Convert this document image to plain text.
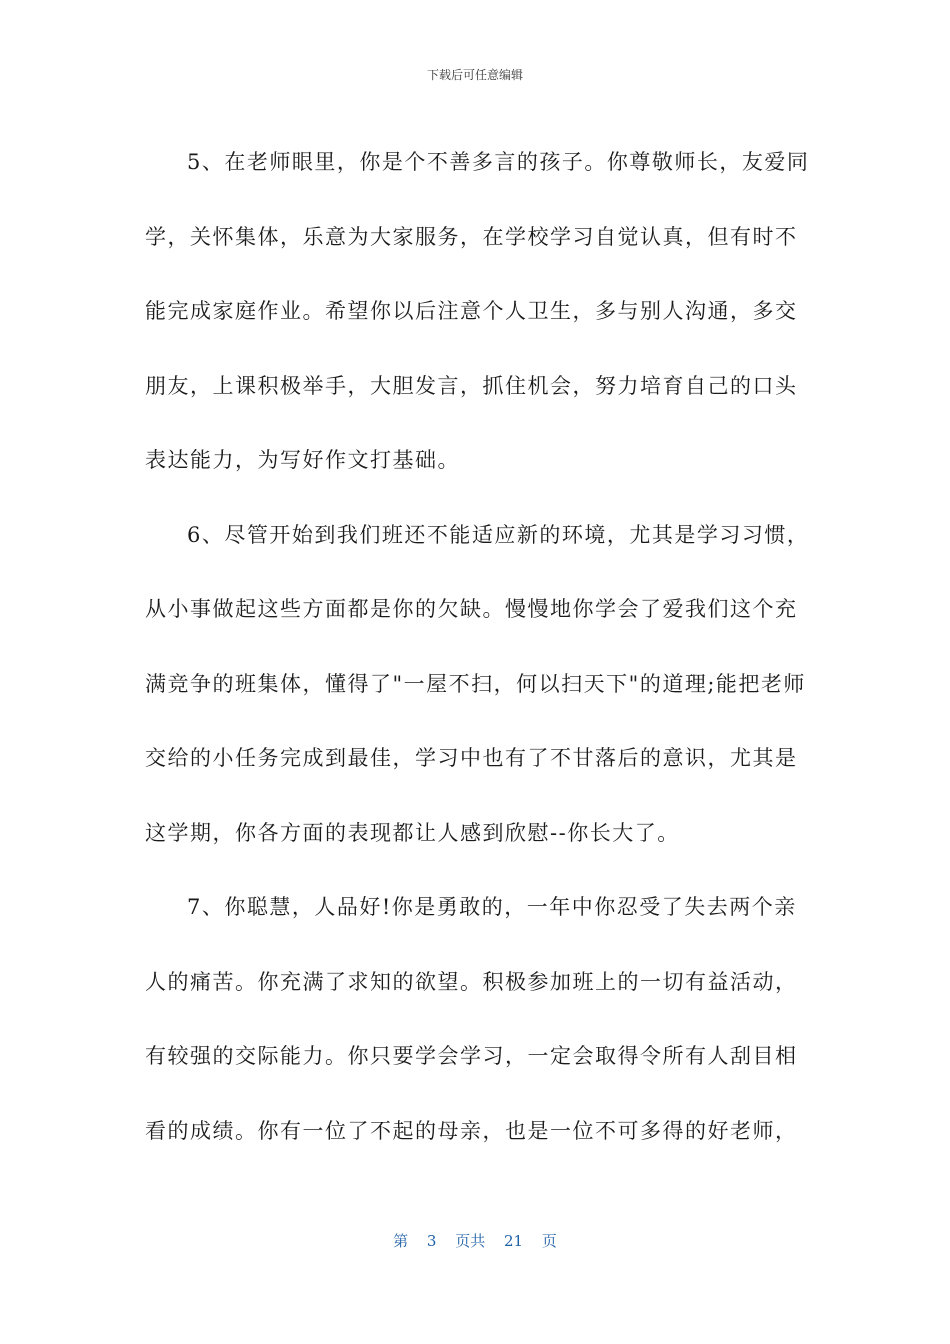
下载后可任意编辑

5、在老师眼里，你是个不善多言的孩子。你尊敬师长，友爱同学，关怀集体，乐意为大家服务，在学校学习自觉认真，但有时不能完成家庭作业。希望你以后注意个人卫生，多与别人沟通，多交朋友，上课积极举手，大胆发言，抓住机会，努力培育自己的口头表达能力，为写好作文打基础。

6、尽管开始到我们班还不能适应新的环境，尤其是学习习惯，从小事做起这些方面都是你的欠缺。慢慢地你学会了爱我们这个充满竞争的班集体，懂得了"一屋不扫，何以扫天下"的道理;能把老师交给的小任务完成到最佳，学习中也有了不甘落后的意识，尤其是这学期，你各方面的表现都让人感到欣慰--你长大了。

7、你聪慧，人品好!你是勇敢的，一年中你忍受了失去两个亲人的痛苦。你充满了求知的欲望。积极参加班上的一切有益活动，有较强的交际能力。你只要学会学习，一定会取得令所有人刮目相看的成绩。你有一位了不起的母亲，也是一位不可多得的好老师，

第 3 页共 21 页
